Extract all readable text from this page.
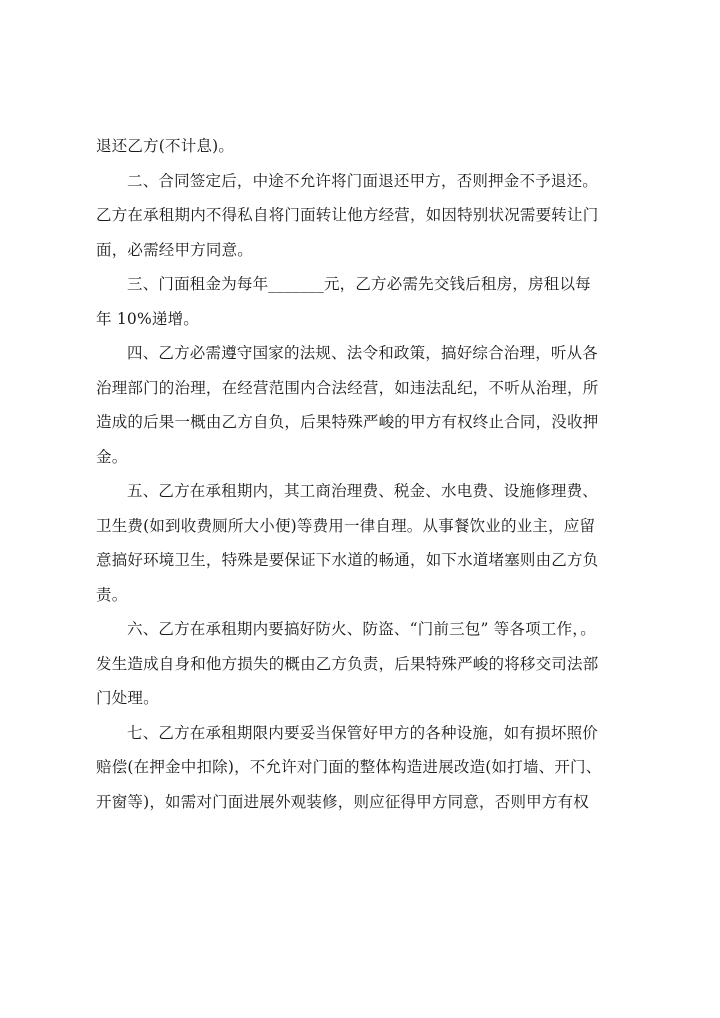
退还乙方(不计息)。
二、合同签定后，中途不允许将门面退还甲方，否则押金不予退还。
乙方在承租期内不得私自将门面转让他方经营，如因特别状况需要转让门
面，必需经甲方同意。
三、门面租金为每年_______元，乙方必需先交钱后租房，房租以每
年 10%递增。
四、乙方必需遵守国家的法规、法令和政策，搞好综合治理，听从各
治理部门的治理，在经营范围内合法经营，如违法乱纪，不听从治理，所
造成的后果一概由乙方自负，后果特殊严峻的甲方有权终止合同，没收押
金。
五、乙方在承租期内，其工商治理费、税金、水电费、设施修理费、
卫生费(如到收费厕所大小便)等费用一律自理。从事餐饮业的业主，应留
意搞好环境卫生，特殊是要保证下水道的畅通，如下水道堵塞则由乙方负
责。
六、乙方在承租期内要搞好防火、防盗、“门前三包” 等各项工作，。
发生造成自身和他方损失的概由乙方负责，后果特殊严峻的将移交司法部
门处理。
七、乙方在承租期限内要妥当保管好甲方的各种设施，如有损坏照价
赔偿(在押金中扣除)，不允许对门面的整体构造进展改造(如打墙、开门、
开窗等)，如需对门面进展外观装修，则应征得甲方同意，否则甲方有权
